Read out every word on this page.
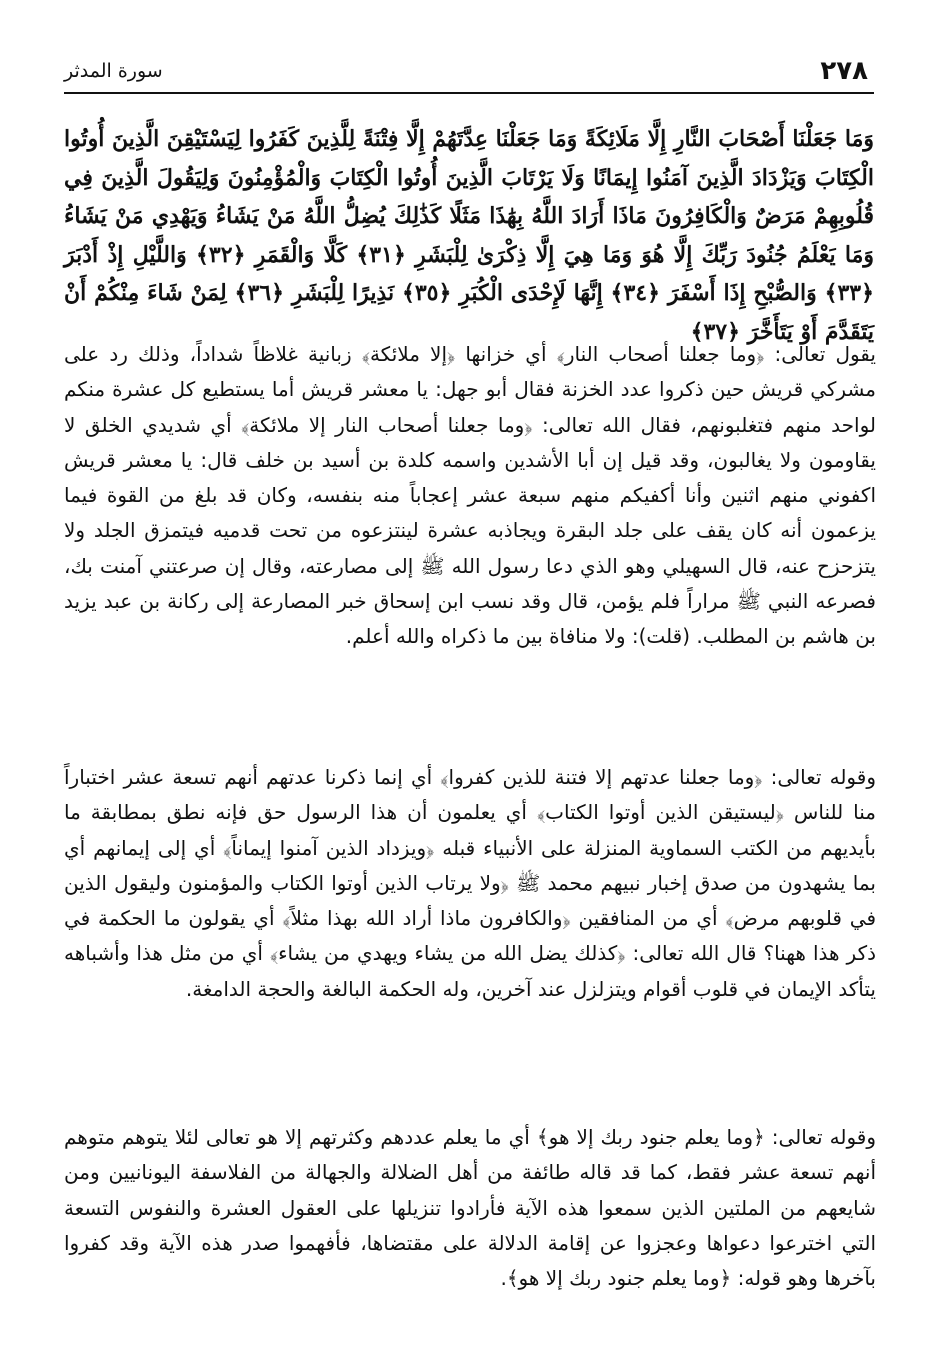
٢٧٨
سورة المدثر
وَمَا جَعَلْنَا أَصْحَابَ النَّارِ إِلَّا مَلَائِكَةً وَمَا جَعَلْنَا عِدَّتَهُمْ إِلَّا فِتْنَةً لِلَّذِينَ كَفَرُوا لِيَسْتَيْقِنَ الَّذِينَ أُوتُوا الْكِتَابَ وَيَزْدَادَ الَّذِينَ آمَنُوا إِيمَانًا وَلَا يَرْتَابَ الَّذِينَ أُوتُوا الْكِتَابَ وَالْمُؤْمِنُونَ وَلِيَقُولَ الَّذِينَ فِي قُلُوبِهِمْ مَرَضٌ وَالْكَافِرُونَ مَاذَا أَرَادَ اللَّهُ بِهَٰذَا مَثَلًا كَذَٰلِكَ يُضِلُّ اللَّهُ مَنْ يَشَاءُ وَيَهْدِي مَنْ يَشَاءُ وَمَا يَعْلَمُ جُنُودَ رَبِّكَ إِلَّا هُوَ وَمَا هِيَ إِلَّا ذِكْرَىٰ لِلْبَشَرِ ﴿٣١﴾ كَلَّا وَالْقَمَرِ ﴿٣٢﴾ وَاللَّيْلِ إِذْ أَدْبَرَ ﴿٣٣﴾ وَالصُّبْحِ إِذَا أَسْفَرَ ﴿٣٤﴾ إِنَّهَا لَإِحْدَى الْكُبَرِ ﴿٣٥﴾ نَذِيرًا لِلْبَشَرِ ﴿٣٦﴾ لِمَنْ شَاءَ مِنْكُمْ أَنْ يَتَقَدَّمَ أَوْ يَتَأَخَّرَ ﴿٣٧﴾

يقول تعالى: ﴿وما جعلنا أصحاب النار﴾ أي خزانها ﴿إلا ملائكة﴾ زبانية غلاظاً شداداً، وذلك رد على مشركي قريش حين ذكروا عدد الخزنة فقال أبو جهل: يا معشر قريش أما يستطيع كل عشرة منكم لواحد منهم فتغلبونهم، فقال الله تعالى: ﴿وما جعلنا أصحاب النار إلا ملائكة﴾ أي شديدي الخلق لا يقاومون ولا يغالبون، وقد قيل إن أبا الأشدين واسمه كلدة بن أسيد بن خلف قال: يا معشر قريش اكفوني منهم اثنين وأنا أكفيكم منهم سبعة عشر إعجاباً منه بنفسه، وكان قد بلغ من القوة فيما يزعمون أنه كان يقف على جلد البقرة ويجاذبه عشرة لينتزعوه من تحت قدميه فيتمزق الجلد ولا يتزحزح عنه، قال السهيلي وهو الذي دعا رسول الله ﷺ إلى مصارعته، وقال إن صرعتني آمنت بك، فصرعه النبي ﷺ مراراً فلم يؤمن، قال وقد نسب ابن إسحاق خبر المصارعة إلى ركانة بن عبد يزيد بن هاشم بن المطلب. (قلت): ولا منافاة بين ما ذكراه والله أعلم.

وقوله تعالى: ﴿وما جعلنا عدتهم إلا فتنة للذين كفروا﴾ أي إنما ذكرنا عدتهم أنهم تسعة عشر اختباراً منا للناس ﴿ليستيقن الذين أوتوا الكتاب﴾ أي يعلمون أن هذا الرسول حق فإنه نطق بمطابقة ما بأيديهم من الكتب السماوية المنزلة على الأنبياء قبله ﴿ويزداد الذين آمنوا إيماناً﴾ أي إلى إيمانهم أي بما يشهدون من صدق إخبار نبيهم محمد ﷺ ﴿ولا يرتاب الذين أوتوا الكتاب والمؤمنون وليقول الذين في قلوبهم مرض﴾ أي من المنافقين ﴿والكافرون ماذا أراد الله بهذا مثلاً﴾ أي يقولون ما الحكمة في ذكر هذا ههنا؟ قال الله تعالى: ﴿كذلك يضل الله من يشاء ويهدي من يشاء﴾ أي من مثل هذا وأشباهه يتأكد الإيمان في قلوب أقوام ويتزلزل عند آخرين، وله الحكمة البالغة والحجة الدامغة.

وقوله تعالى: ﴿وما يعلم جنود ربك إلا هو﴾ أي ما يعلم عددهم وكثرتهم إلا هو تعالى لئلا يتوهم متوهم أنهم تسعة عشر فقط، كما قد قاله طائفة من أهل الضلالة والجهالة من الفلاسفة اليونانيين ومن شايعهم من الملتين الذين سمعوا هذه الآية فأرادوا تنزيلها على العقول العشرة والنفوس التسعة التي اخترعوا دعواها وعجزوا عن إقامة الدلالة على مقتضاها، فأفهموا صدر هذه الآية وقد كفروا بآخرها وهو قوله: ﴿وما يعلم جنود ربك إلا هو﴾.
